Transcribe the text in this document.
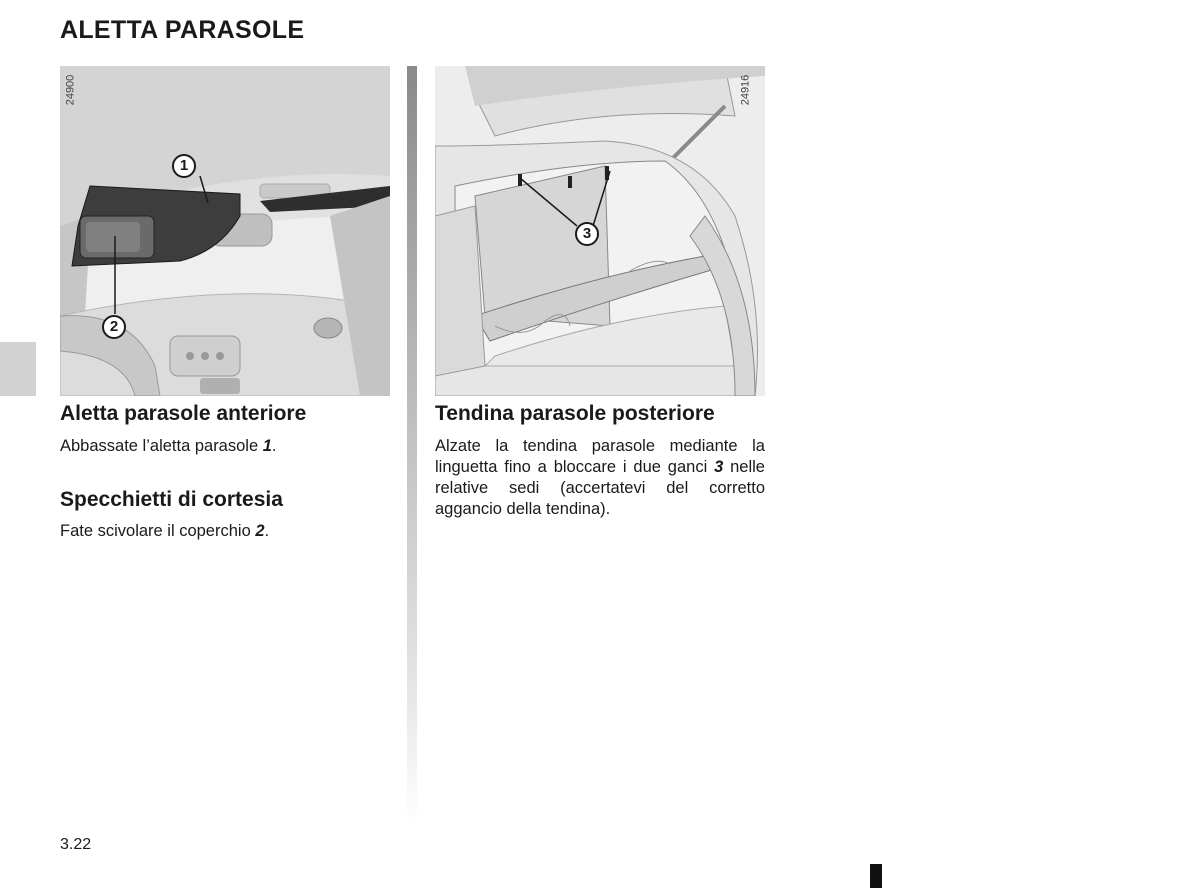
ALETTA PARASOLE
24900
1
2
24916
3
Aletta parasole anteriore

Abbassate l’aletta parasole 1.

Specchietti di cortesia

Fate scivolare il coperchio 2.

Tendina parasole posteriore

Alzate la tendina parasole mediante la linguetta fino a bloccare i due ganci 3 nelle relative sedi (accertatevi del corretto aggancio della tendina).

3.22
